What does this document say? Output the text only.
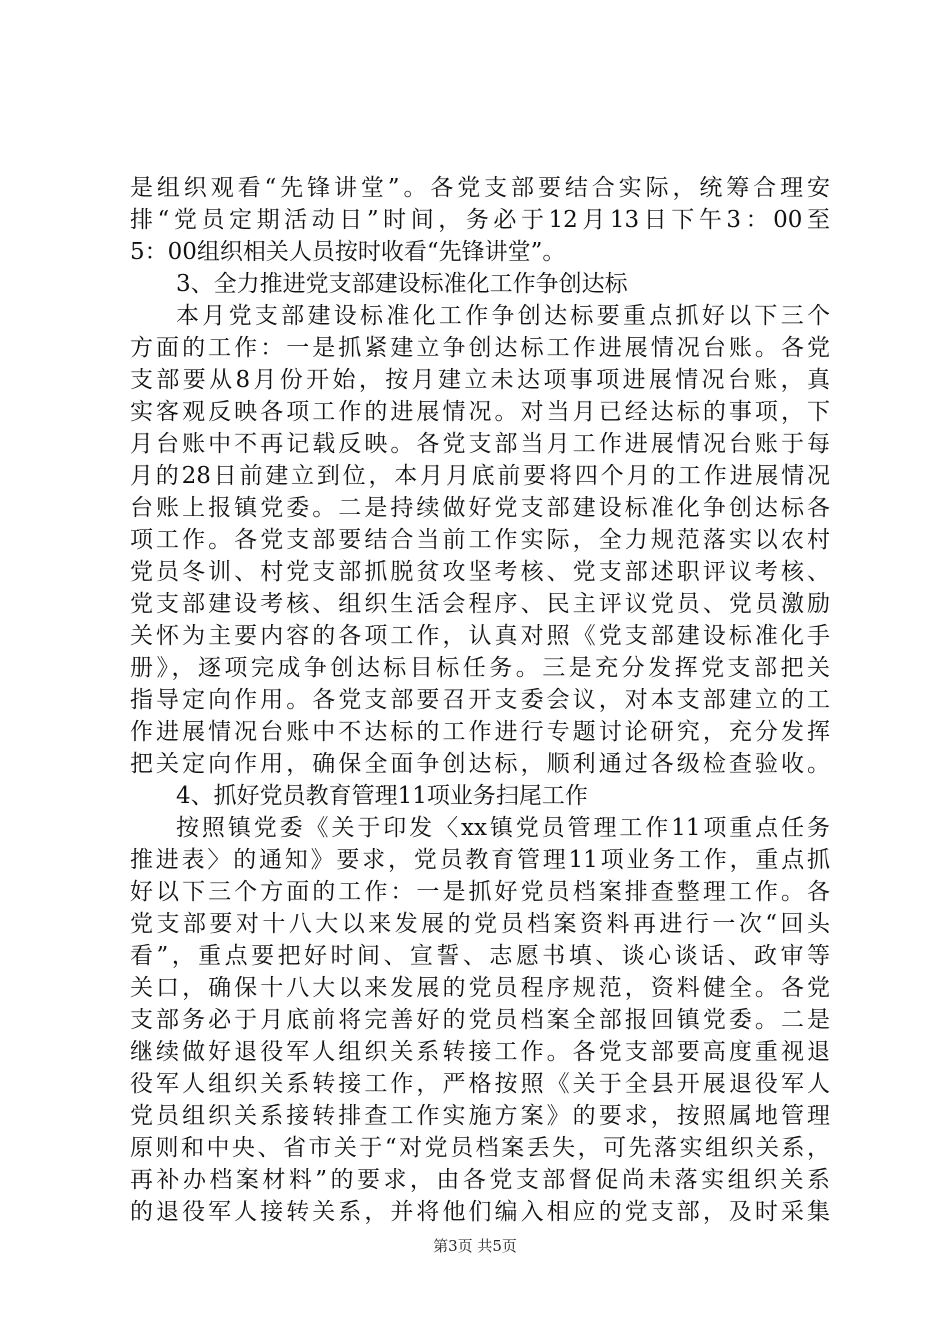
是组织观看“先锋讲堂”。各党支部要结合实际，统筹合理安
排“党员定期活动日”时间，务必于12月13日下午3：00至
5：00组织相关人员按时收看“先锋讲堂”。
3、全力推进党支部建设标准化工作争创达标
本月党支部建设标准化工作争创达标要重点抓好以下三个
方面的工作：一是抓紧建立争创达标工作进展情况台账。各党
支部要从8月份开始，按月建立未达项事项进展情况台账，真
实客观反映各项工作的进展情况。对当月已经达标的事项，下
月台账中不再记载反映。各党支部当月工作进展情况台账于每
月的28日前建立到位，本月月底前要将四个月的工作进展情况
台账上报镇党委。二是持续做好党支部建设标准化争创达标各
项工作。各党支部要结合当前工作实际，全力规范落实以农村
党员冬训、村党支部抓脱贫攻坚考核、党支部述职评议考核、
党支部建设考核、组织生活会程序、民主评议党员、党员激励
关怀为主要内容的各项工作，认真对照《党支部建设标准化手
册》，逐项完成争创达标目标任务。三是充分发挥党支部把关
指导定向作用。各党支部要召开支委会议，对本支部建立的工
作进展情况台账中不达标的工作进行专题讨论研究，充分发挥
把关定向作用，确保全面争创达标，顺利通过各级检查验收。
4、抓好党员教育管理11项业务扫尾工作
按照镇党委《关于印发〈xx镇党员管理工作11项重点任务
推进表〉的通知》要求，党员教育管理11项业务工作，重点抓
好以下三个方面的工作：一是抓好党员档案排查整理工作。各
党支部要对十八大以来发展的党员档案资料再进行一次“回头
看”，重点要把好时间、宣誓、志愿书填、谈心谈话、政审等
关口，确保十八大以来发展的党员程序规范，资料健全。各党
支部务必于月底前将完善好的党员档案全部报回镇党委。二是
继续做好退役军人组织关系转接工作。各党支部要高度重视退
役军人组织关系转接工作，严格按照《关于全县开展退役军人
党员组织关系接转排查工作实施方案》的要求，按照属地管理
原则和中央、省市关于“对党员档案丢失，可先落实组织关系，
再补办档案材料”的要求，由各党支部督促尚未落实组织关系
的退役军人接转关系，并将他们编入相应的党支部，及时采集
第3页 共5页
